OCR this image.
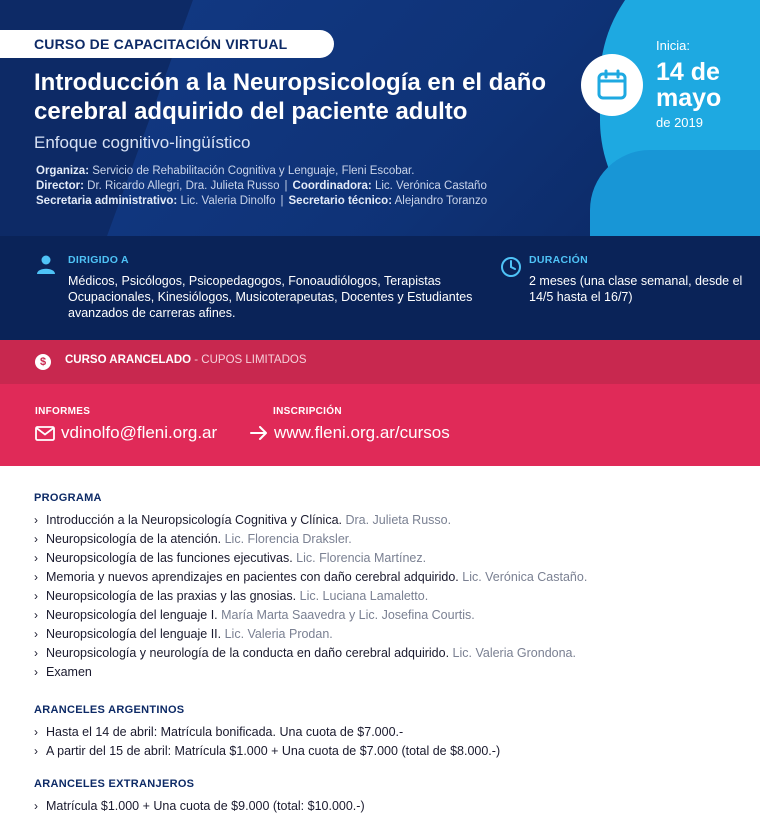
CURSO DE CAPACITACIÓN VIRTUAL
Introducción a la Neuropsicología en el daño cerebral adquirido del paciente adulto
Enfoque cognitivo-lingüístico
Organiza: Servicio de Rehabilitación Cognitiva y Lenguaje, Fleni Escobar.
Director: Dr. Ricardo Allegri, Dra. Julieta Russo | Coordinadora: Lic. Verónica Castaño
Secretaria administrativo: Lic. Valeria Dinolfo | Secretario técnico: Alejandro Toranzo
Inicia:
14 de
mayo
de 2019
DIRIGIDO A
Médicos, Psicólogos, Psicopedagogos, Fonoaudiólogos, Terapistas Ocupacionales, Kinesiólogos, Musicoterapeutas, Docentes y Estudiantes avanzados de carreras afines.
DURACIÓN
2 meses (una clase semanal, desde el 14/5 hasta el 16/7)
$	CURSO ARANCELADO - CUPOS LIMITADOS
INFORMES
vdinolfo@fleni.org.ar
INSCRIPCIÓN
www.fleni.org.ar/cursos
PROGRAMA
› Introducción a la Neuropsicología Cognitiva y Clínica. Dra. Julieta Russo.
› Neuropsicología de la atención. Lic. Florencia Draksler.
› Neuropsicología de las funciones ejecutivas. Lic. Florencia Martínez.
› Memoria y nuevos aprendizajes en pacientes con daño cerebral adquirido. Lic. Verónica Castaño.
› Neuropsicología de las praxias y las gnosias. Lic. Luciana Lamaletto.
› Neuropsicología del lenguaje I. María Marta Saavedra y Lic. Josefina Courtis.
› Neuropsicología del lenguaje II. Lic. Valeria Prodan.
› Neuropsicología y neurología de la conducta en daño cerebral adquirido. Lic. Valeria Grondona.
› Examen
ARANCELES ARGENTINOS
› Hasta el 14 de abril: Matrícula bonificada. Una cuota de $7.000.-
› A partir del 15 de abril: Matrícula $1.000 + Una cuota de $7.000 (total de $8.000.-)
ARANCELES EXTRANJEROS
› Matrícula $1.000 + Una cuota de $9.000 (total: $10.000.-)
